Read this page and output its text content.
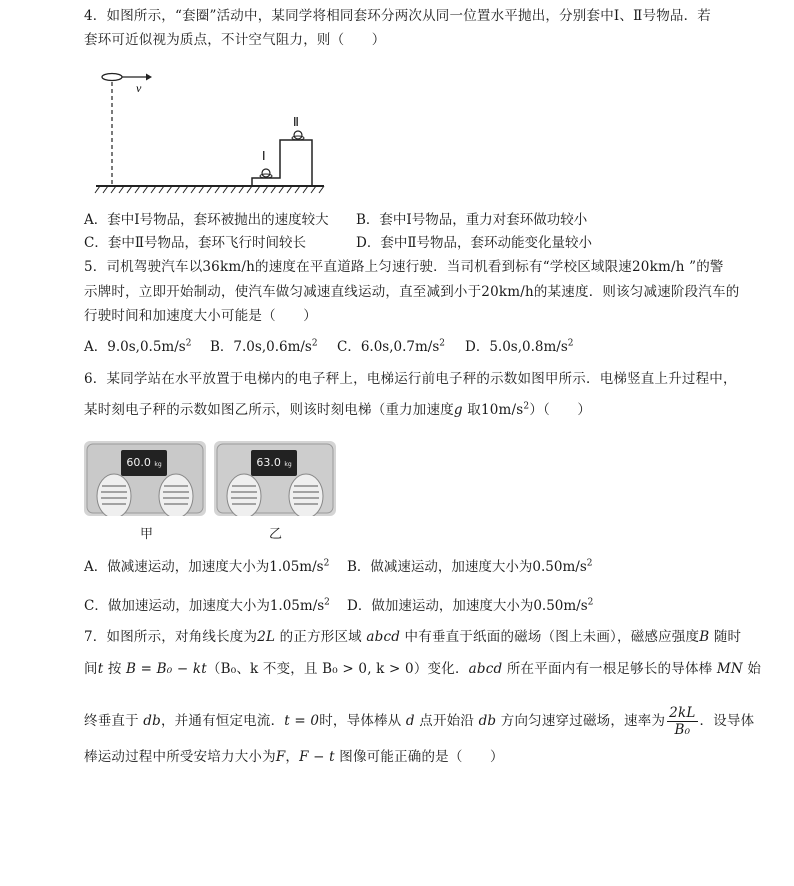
4．如图所示，“套圈”活动中，某同学将相同套环分两次从同一位置水平抛出，分别套中Ⅰ、Ⅱ号物品．若
套环可近似视为质点，不计空气阻力，则（　　）
v
Ⅰ
Ⅱ
A．套中Ⅰ号物品，套环被抛出的速度较大 B．套中Ⅰ号物品，重力对套环做功较小
C．套中Ⅱ号物品，套环飞行时间较长	D．套中Ⅱ号物品，套环动能变化量较小
5．司机驾驶汽车以36km/h的速度在平直道路上匀速行驶．当司机看到标有“学校区域限速20km/h ”的警
示牌时，立即开始制动，使汽车做匀减速直线运动，直至减到小于20km/h的某速度．则该匀减速阶段汽车的
行驶时间和加速度大小可能是（　　）
A．$9.0s,0.5m/s^2$ B．$7.0s,0.6m/s^2$ C．$6.0s,0.7m/s^2$ D．$5.0s,0.8m/s^2$
6．某同学站在水平放置于电梯内的电子秤上，电梯运行前电子秤的示数如图甲所示．电梯竖直上升过程中，
某时刻电子秤的示数如图乙所示，则该时刻电梯（重力加速度g 取$10m/s^2$）（　　）
60.0 kg	63.0 kg
甲	乙
A．做减速运动，加速度大小为$1.05m/s^2$ B．做减速运动，加速度大小为$0.50m/s^2$
C．做加速运动，加速度大小为$1.05m/s^2$ D．做加速运动，加速度大小为$0.50m/s^2$
7．如图所示，对角线长度为2L 的正方形区域 abcd 中有垂直于纸面的磁场（图上未画），磁感应强度B 随时
间t 按 B = B₀ − kt（B₀、k 不变，且 B₀ > 0, k > 0）变化．abcd 所在平面内有一根足够长的导体棒 MN 始
终垂直于 db，并通有恒定电流．t = 0时，导体棒从 d 点开始沿 db 方向匀速穿过磁场，速率为 $\frac{2kL}{\text{B₀}}$ ．设导体
棒运动过程中所受安培力大小为F，F − t 图像可能正确的是（　　）
